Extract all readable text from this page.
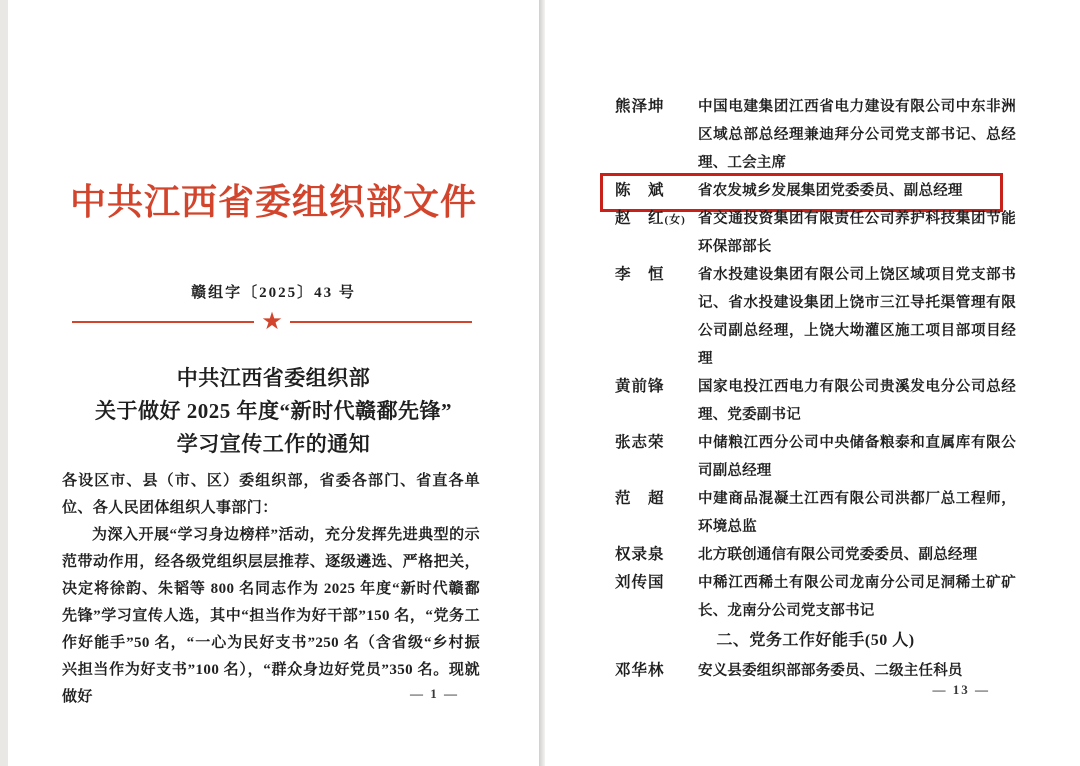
中共江西省委组织部文件
赣组字〔2025〕43 号
★
中共江西省委组织部
关于做好 2025 年度“新时代赣鄱先锋”
学习宣传工作的通知

各设区市、县（市、区）委组织部，省委各部门、省直各单位、各人民团体组织人事部门：

为深入开展“学习身边榜样”活动，充分发挥先进典型的示范带动作用，经各级党组织层层推荐、逐级遴选、严格把关，决定将徐韵、朱韬等 800 名同志作为 2025 年度“新时代赣鄱先锋”学习宣传人选，其中“担当作为好干部”150 名，“党务工作好能手”50 名，“一心为民好支书”250 名（含省级“乡村振兴担当作为好支书”100 名），“群众身边好党员”350 名。现就做好	— 1 —
熊泽坤	中国电建集团江西省电力建设有限公司中东非洲区域总部总经理兼迪拜分公司党支部书记、总经理、工会主席
陈　斌	省农发城乡发展集团党委委员、副总经理
赵　红(女) 省交通投资集团有限责任公司养护科技集团节能环保部部长
李　恒	省水投建设集团有限公司上饶区域项目党支部书记、省水投建设集团上饶市三江导托渠管理有限公司副总经理，上饶大坳灌区施工项目部项目经理
黄前锋	国家电投江西电力有限公司贵溪发电分公司总经理、党委副书记
张志荣	中储粮江西分公司中央储备粮泰和直属库有限公司副总经理
范　超	中建商品混凝土江西有限公司洪都厂总工程师，环境总监
权录泉	北方联创通信有限公司党委委员、副总经理
刘传国	中稀江西稀土有限公司龙南分公司足洞稀土矿矿长、龙南分公司党支部书记
二、党务工作好能手(50 人)
邓华林	安义县委组织部部务委员、二级主任科员
— 13 —
